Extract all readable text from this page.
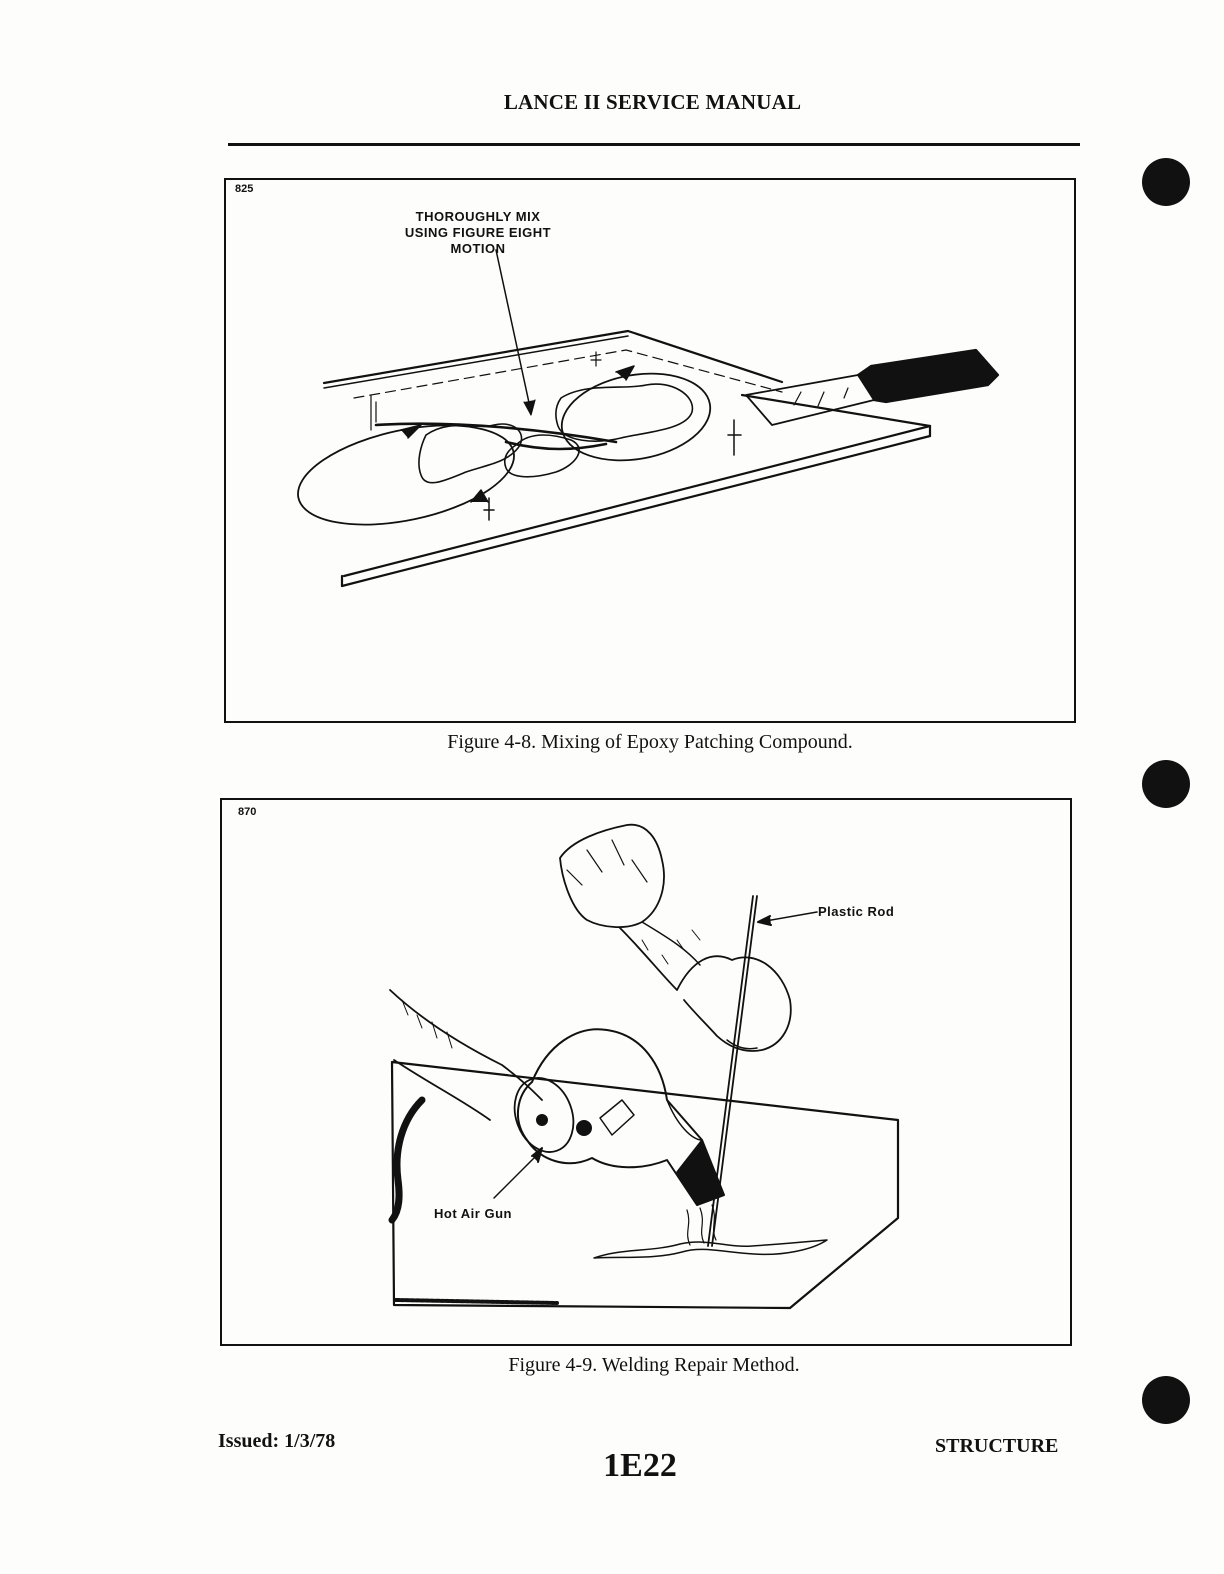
LANCE II SERVICE MANUAL
825
THOROUGHLY MIX
USING FIGURE EIGHT
MOTION
Figure 4-8. Mixing of Epoxy Patching Compound.
870
Plastic Rod
Hot Air Gun
Figure 4-9. Welding Repair Method.
Issued: 1/3/78
1E22
STRUCTURE
